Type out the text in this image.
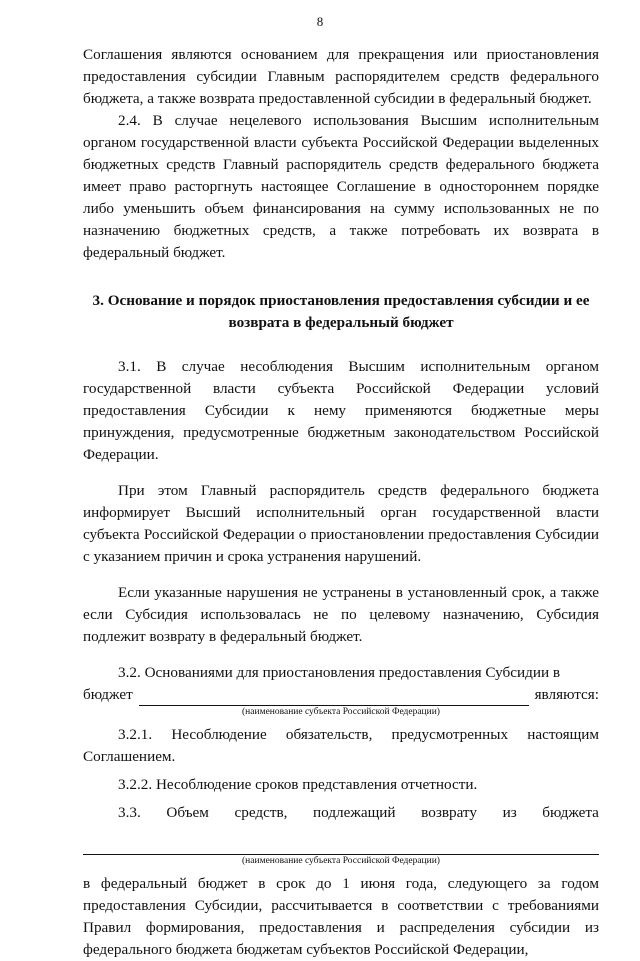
8

Соглашения являются основанием для прекращения или приостановления предоставления субсидии Главным распорядителем средств федерального бюджета, а также возврата предоставленной субсидии в федеральный бюджет.

2.4. В случае нецелевого использования Высшим исполнительным органом государственной власти субъекта Российской Федерации выделенных бюджетных средств Главный распорядитель средств федерального бюджета имеет право расторгнуть настоящее Соглашение в одностороннем порядке либо уменьшить объем финансирования на сумму использованных не по назначению бюджетных средств, а также потребовать их возврата в федеральный бюджет.

3. Основание и порядок приостановления предоставления субсидии и ее возврата в федеральный бюджет

3.1. В случае несоблюдения Высшим исполнительным органом государственной власти субъекта Российской Федерации условий предоставления Субсидии к нему применяются бюджетные меры принуждения, предусмотренные бюджетным законодательством Российской Федерации.

При этом Главный распорядитель средств федерального бюджета информирует Высший исполнительный орган государственной власти субъекта Российской Федерации о приостановлении предоставления Субсидии с указанием причин и срока устранения нарушений.

Если указанные нарушения не устранены в установленный срок, а также если Субсидия использовалась не по целевому назначению, Субсидия подлежит возврату в федеральный бюджет.

3.2. Основаниями для приостановления предоставления Субсидии в

бюджет	являются:
(наименование субъекта Российской Федерации)

3.2.1. Несоблюдение обязательств, предусмотренных настоящим Соглашением.

3.2.2. Несоблюдение сроков представления отчетности.

3.3. Объем средств, подлежащий возврату из бюджета
(наименование субъекта Российской Федерации)

в федеральный бюджет в срок до 1 июня года, следующего за годом предоставления Субсидии, рассчитывается в соответствии с требованиями Правил формирования, предоставления и распределения субсидии из федерального бюджета бюджетам субъектов Российской Федерации,
